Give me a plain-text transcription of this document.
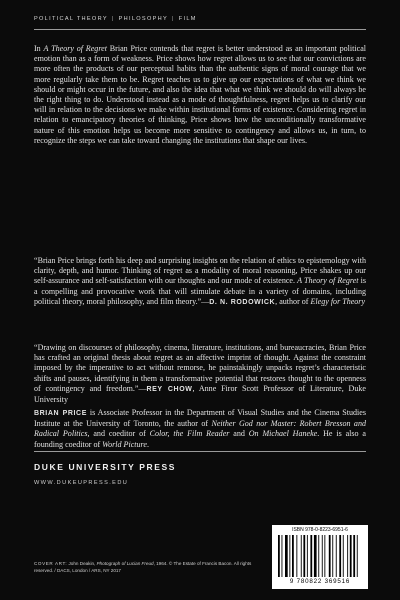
POLITICAL THEORY | PHILOSOPHY | FILM

In A Theory of Regret Brian Price contends that regret is better understood as an important political emotion than as a form of weakness. Price shows how regret allows us to see that our convictions are more often the products of our perceptual habits than the authentic signs of moral courage that we more regularly take them to be. Regret teaches us to give up our expectations of what we think we should or might occur in the future, and also the idea that what we think we should do will always be the right thing to do. Understood instead as a mode of thoughtfulness, regret helps us to clarify our will in relation to the decisions we make within institutional forms of existence. Considering regret in relation to emancipatory theories of thinking, Price shows how the unconditionally transformative nature of this emotion helps us become more sensitive to contingency and allows us, in turn, to recognize the steps we can take toward changing the institutions that shape our lives.

“Brian Price brings forth his deep and surprising insights on the relation of ethics to epistemology with clarity, depth, and humor. Thinking of regret as a modality of moral reasoning, Price shakes up our self-assurance and self-satisfaction with our thoughts and our mode of existence. A Theory of Regret is a compelling and provocative work that will stimulate debate in a variety of domains, including political theory, moral philosophy, and film theory.”—D. N. RODOWICK, author of Elegy for Theory

“Drawing on discourses of philosophy, cinema, literature, institutions, and bureaucracies, Brian Price has crafted an original thesis about regret as an affective imprint of thought. Against the constraint imposed by the imperative to act without remorse, he painstakingly unpacks regret’s characteristic shifts and pauses, identifying in them a transformative potential that restores thought to the openness of contingency and freedom.”—REY CHOW, Anne Firor Scott Professor of Literature, Duke University

BRIAN PRICE is Associate Professor in the Department of Visual Studies and the Cinema Studies Institute at the University of Toronto, the author of Neither God nor Master: Robert Bresson and Radical Politics, and coeditor of Color, the Film Reader and On Michael Haneke. He is also a founding coeditor of World Picture.

DUKE UNIVERSITY PRESS
WWW.DUKEUPRESS.EDU
COVER ART: John Deakin, Photograph of Lucian Freud, 1964. © The Estate of Francis Bacon. All rights reserved. / DACS, London / ARS, NY 2017
ISBN 978-0-8223-6951-6
9 780822 369516
